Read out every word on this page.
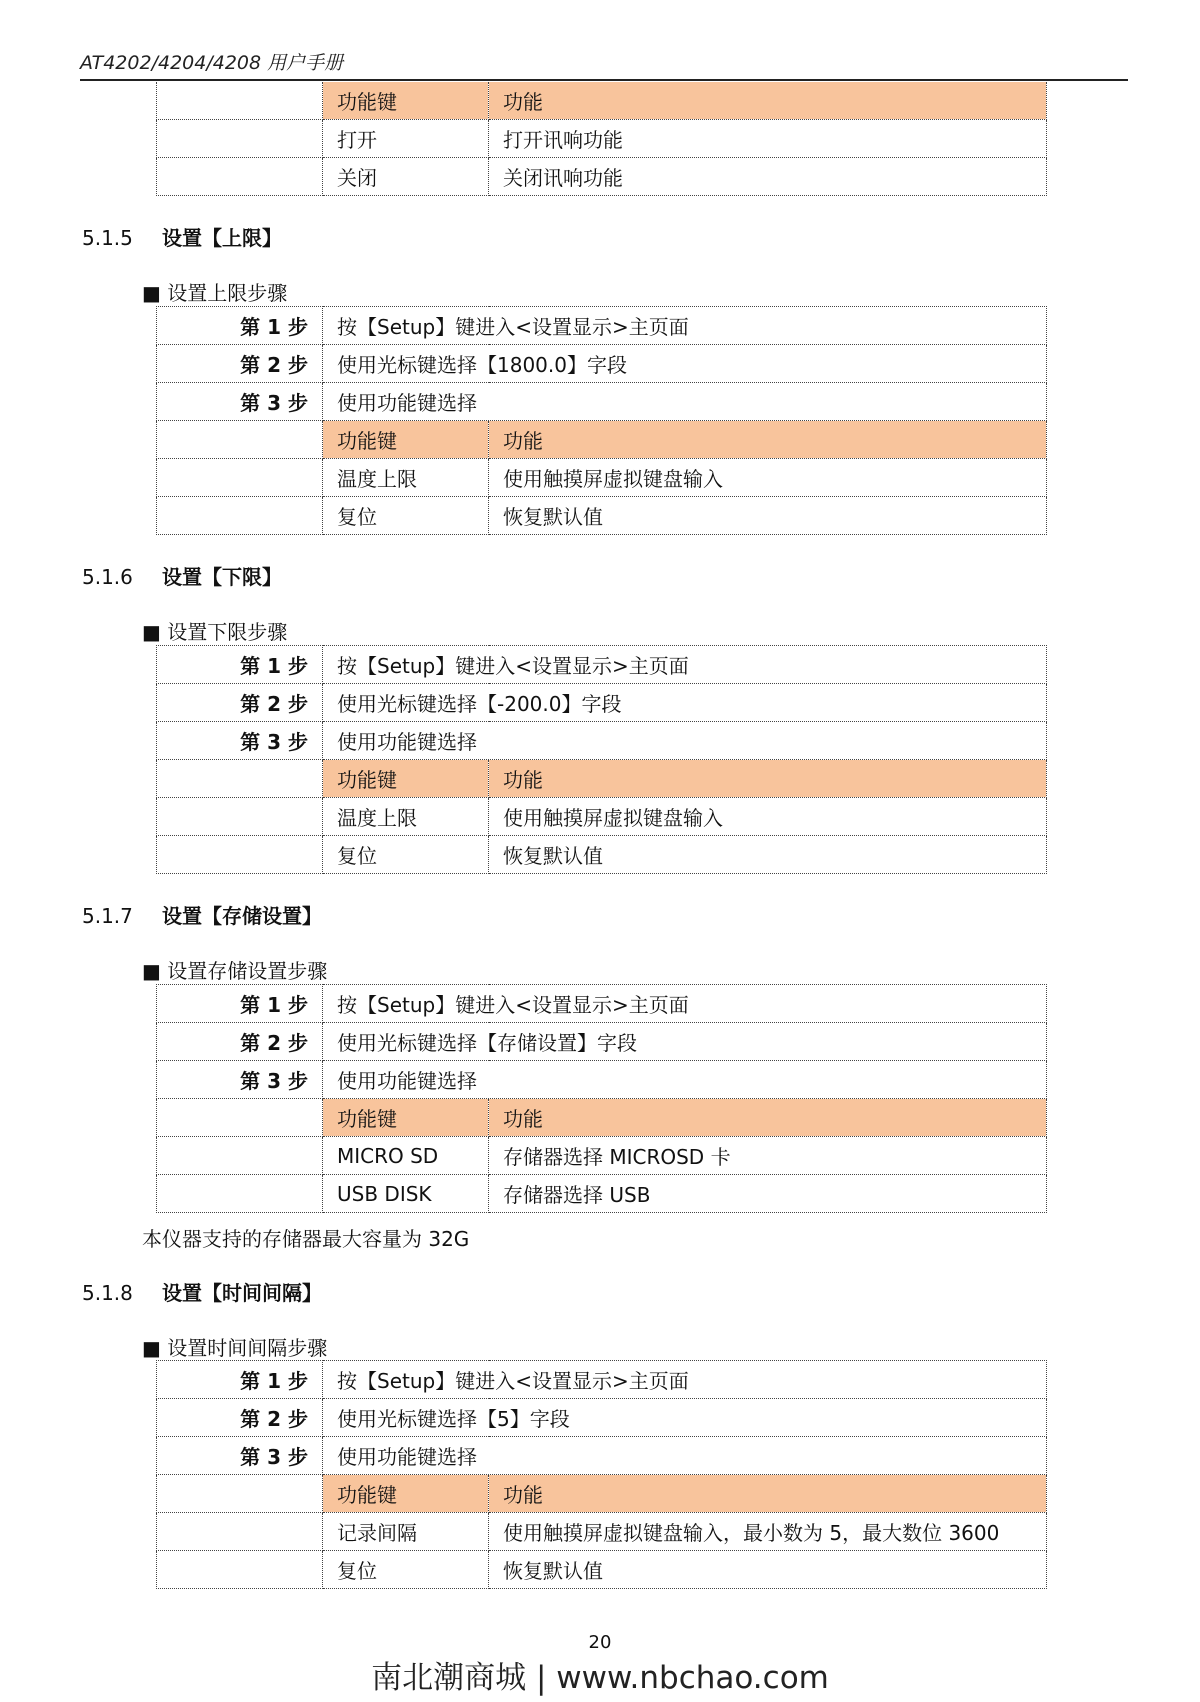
AT4202/4204/4208 用户手册
	功能键	功能
	打开	打开讯响功能
	关闭	关闭讯响功能
5.1.5 设置【上限】
■ 设置上限步骤
第 1 步	按【Setup】键进入<设置显示>主页面	
第 2 步	使用光标键选择【1800.0】字段	
第 3 步	使用功能键选择	
	功能键	功能
	温度上限	使用触摸屏虚拟键盘输入
	复位	恢复默认值
5.1.6 设置【下限】
■ 设置下限步骤
第 1 步	按【Setup】键进入<设置显示>主页面	
第 2 步	使用光标键选择【-200.0】字段	
第 3 步	使用功能键选择	
	功能键	功能
	温度上限	使用触摸屏虚拟键盘输入
	复位	恢复默认值
5.1.7 设置【存储设置】
■ 设置存储设置步骤
第 1 步	按【Setup】键进入<设置显示>主页面	
第 2 步	使用光标键选择【存储设置】字段	
第 3 步	使用功能键选择	
	功能键	功能
	MICRO SD	存储器选择 MICROSD 卡
	USB DISK	存储器选择 USB
本仪器支持的存储器最大容量为 32G
5.1.8 设置【时间间隔】
■ 设置时间间隔步骤
第 1 步	按【Setup】键进入<设置显示>主页面	
第 2 步	使用光标键选择【5】字段	
第 3 步	使用功能键选择	
	功能键	功能
	记录间隔	使用触摸屏虚拟键盘输入，最小数为 5，最大数位 3600
	复位	恢复默认值
20
南北潮商城 | www.nbchao.com
